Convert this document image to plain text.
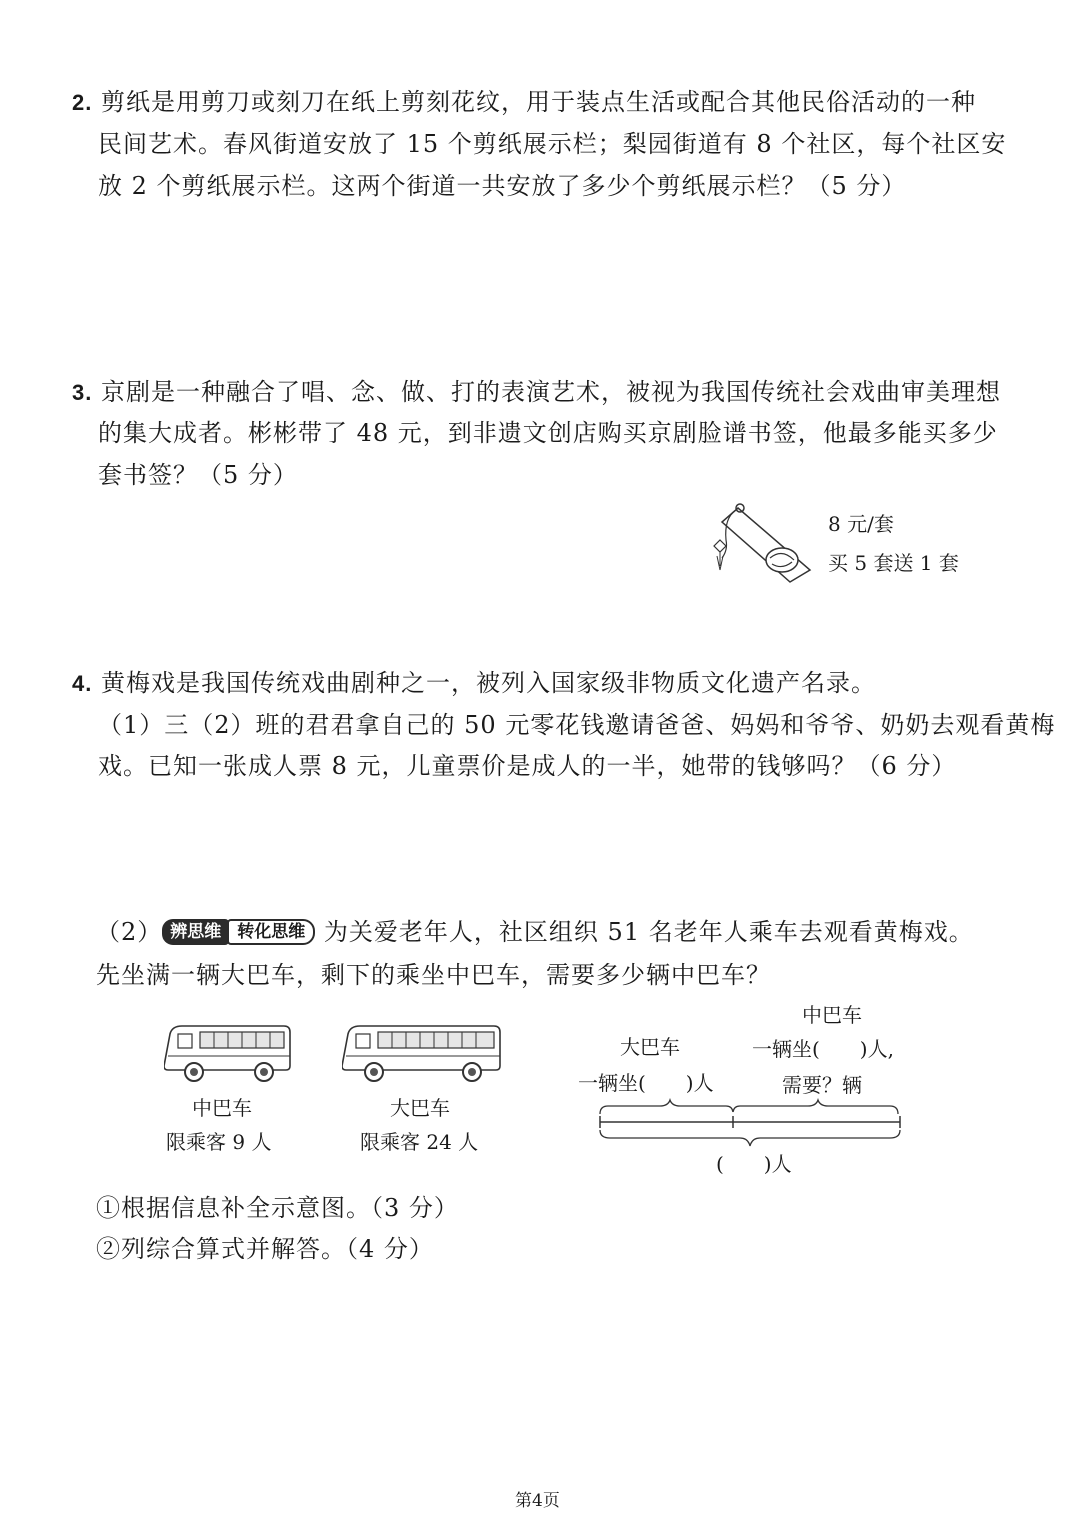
2. 剪纸是用剪刀或刻刀在纸上剪刻花纹，用于装点生活或配合其他民俗活动的一种
民间艺术。春风街道安放了 15 个剪纸展示栏；梨园街道有 8 个社区，每个社区安
放 2 个剪纸展示栏。这两个街道一共安放了多少个剪纸展示栏？（5 分）
3. 京剧是一种融合了唱、念、做、打的表演艺术，被视为我国传统社会戏曲审美理想
的集大成者。彬彬带了 48 元，到非遗文创店购买京剧脸谱书签，他最多能买多少
套书签？（5 分）
8 元/套
买 5 套送 1 套
4. 黄梅戏是我国传统戏曲剧种之一，被列入国家级非物质文化遗产名录。
（1）三（2）班的君君拿自己的 50 元零花钱邀请爸爸、妈妈和爷爷、奶奶去观看黄梅
戏。已知一张成人票 8 元，儿童票价是成人的一半，她带的钱够吗？（6 分）
（2） 辨思维 转化思维 为关爱老年人，社区组织 51 名老年人乘车去观看黄梅戏。
先坐满一辆大巴车，剩下的乘坐中巴车，需要多少辆中巴车？
中巴车
限乘客 9 人
大巴车
限乘客 24 人
中巴车
大巴车	一辆坐(　　)人,
一辆坐(　　)人	需要？辆
(　　)人
①根据信息补全示意图。（3 分）
②列综合算式并解答。（4 分）
第4页
